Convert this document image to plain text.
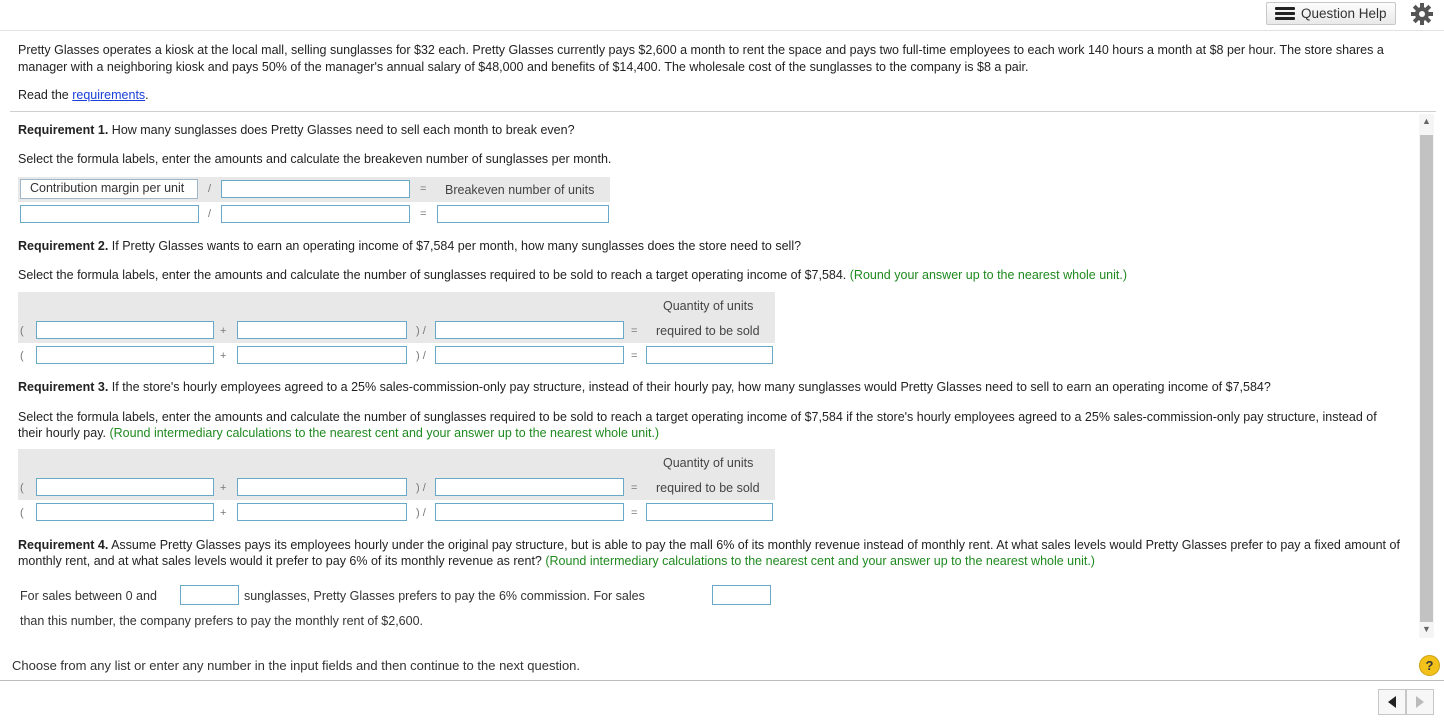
Question Help
Pretty Glasses operates a kiosk at the local mall, selling sunglasses for $32 each. Pretty Glasses currently pays $2,600 a month to rent the space and pays two full-time employees to each work 140 hours a month at $8 per hour. The store shares a manager with a neighboring kiosk and pays 50% of the manager's annual salary of $48,000 and benefits of $14,400. The wholesale cost of the sunglasses to the company is $8 a pair.
Read the requirements.
▲
▼
Requirement 1. How many sunglasses does Pretty Glasses need to sell each month to break even?
Select the formula labels, enter the amounts and calculate the breakeven number of sunglasses per month.
Contribution margin per unit	/	= Breakeven number of units
/	=
Requirement 2. If Pretty Glasses wants to earn an operating income of $7,584 per month, how many sunglasses does the store need to sell?
Select the formula labels, enter the amounts and calculate the number of sunglasses required to be sold to reach a target operating income of $7,584. (Round your answer up to the nearest whole unit.)
Quantity of units
(	+	) /	= required to be sold
(	+	) /	=
Requirement 3. If the store's hourly employees agreed to a 25% sales-commission-only pay structure, instead of their hourly pay, how many sunglasses would Pretty Glasses need to sell to earn an operating income of $7,584?
Select the formula labels, enter the amounts and calculate the number of sunglasses required to be sold to reach a target operating income of $7,584 if the store's hourly employees agreed to a 25% sales-commission-only pay structure, instead of their hourly pay. (Round intermediary calculations to the nearest cent and your answer up to the nearest whole unit.)
Quantity of units
(	+	) /	= required to be sold
(	+	) /	=
Requirement 4. Assume Pretty Glasses pays its employees hourly under the original pay structure, but is able to pay the mall 6% of its monthly revenue instead of monthly rent. At what sales levels would Pretty Glasses prefer to pay a fixed amount of monthly rent, and at what sales levels would it prefer to pay 6% of its monthly revenue as rent? (Round intermediary calculations to the nearest cent and your answer up to the nearest whole unit.)
For sales between 0 and	sunglasses, Pretty Glasses prefers to pay the 6% commission. For sales
than this number, the company prefers to pay the monthly rent of $2,600.
Choose from any list or enter any number in the input fields and then continue to the next question.	?
